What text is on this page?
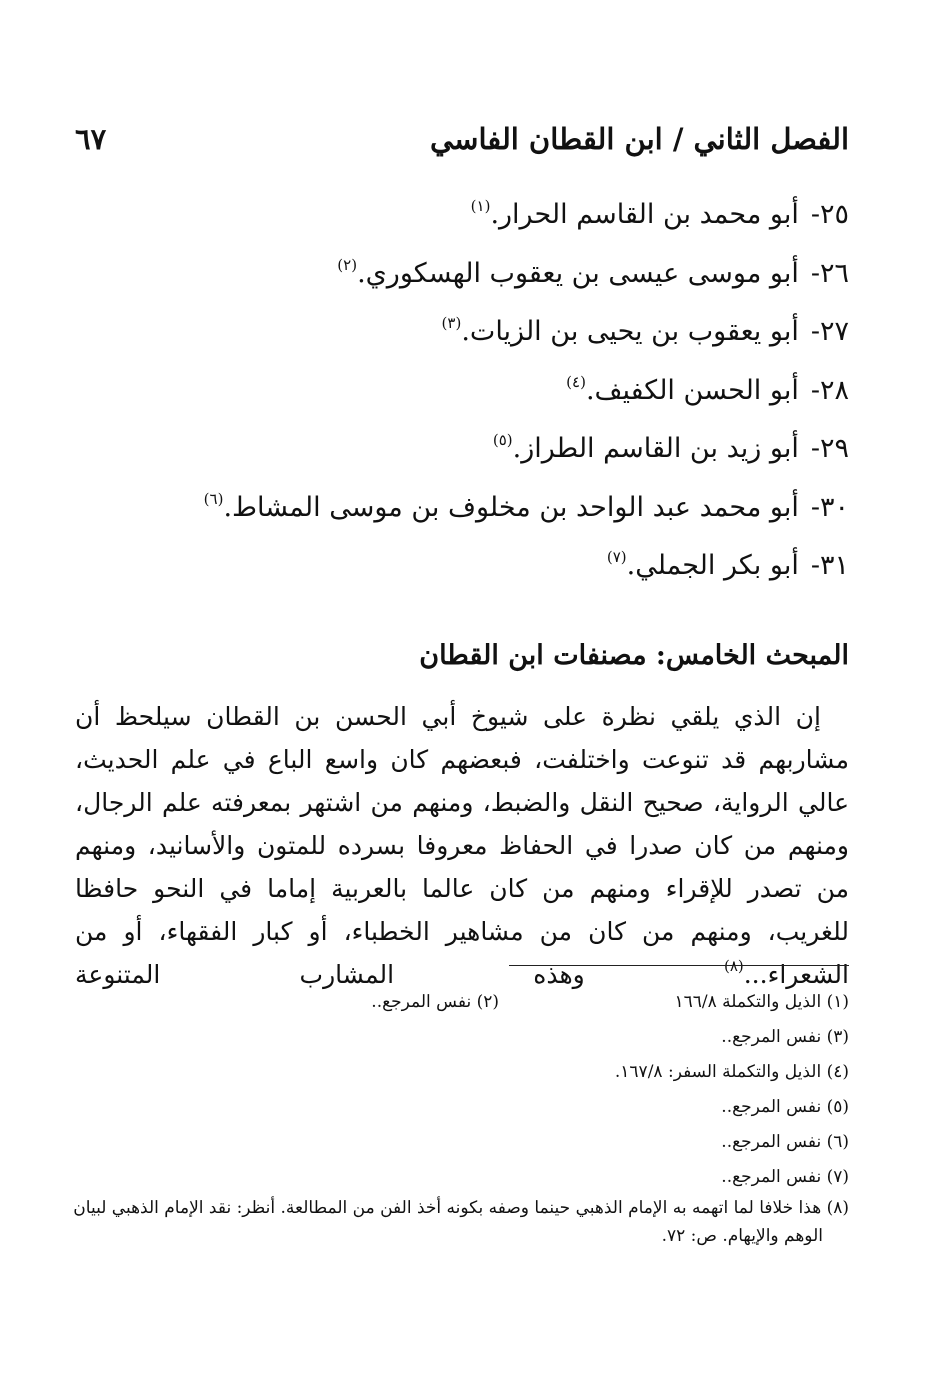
الفصل الثاني / ابن القطان الفاسي
٦٧
٢٥-أبو محمد بن القاسم الحرار.$^{(١)}$
٢٦-أبو موسى عيسى بن يعقوب الهسكوري.$^{(٢)}$
٢٧-أبو يعقوب بن يحيى بن الزيات.$^{(٣)}$
٢٨-أبو الحسن الكفيف.$^{(٤)}$
٢٩-أبو زيد بن القاسم الطراز.$^{(٥)}$
٣٠-أبو محمد عبد الواحد بن مخلوف بن موسى المشاط.$^{(٦)}$
٣١-أبو بكر الجملي.$^{(٧)}$
المبحث الخامس: مصنفات ابن القطان

إن الذي يلقي نظرة على شيوخ أبي الحسن بن القطان سيلحظ أن مشاربهم قد تنوعت واختلفت، فبعضهم كان واسع الباع في علم الحديث، عالي الرواية، صحيح النقل والضبط، ومنهم من اشتهر بمعرفته علم الرجال، ومنهم من كان صدرا في الحفاظ معروفا بسرده للمتون والأسانيد، ومنهم من تصدر للإقراء ومنهم من كان عالما بالعربية إماما في النحو حافظا للغريب، ومنهم من كان من مشاهير الخطباء، أو كبار الفقهاء، أو من الشعراء...$^{(٨)}$ وهذه المشارب المتنوعة

(١) الذيل والتكملة ١٦٦/٨
(٢) نفس المرجع..
(٣) نفس المرجع..
(٤) الذيل والتكملة السفر: ١٦٧/٨.
(٥) نفس المرجع..
(٦) نفس المرجع..
(٧) نفس المرجع..
(٨) هذا خلافا لما اتهمه به الإمام الذهبي حينما وصفه بكونه أخذ الفن من المطالعة. أنظر: نقد الإمام الذهبي لبيان الوهم والإيهام. ص: ٧٢.
